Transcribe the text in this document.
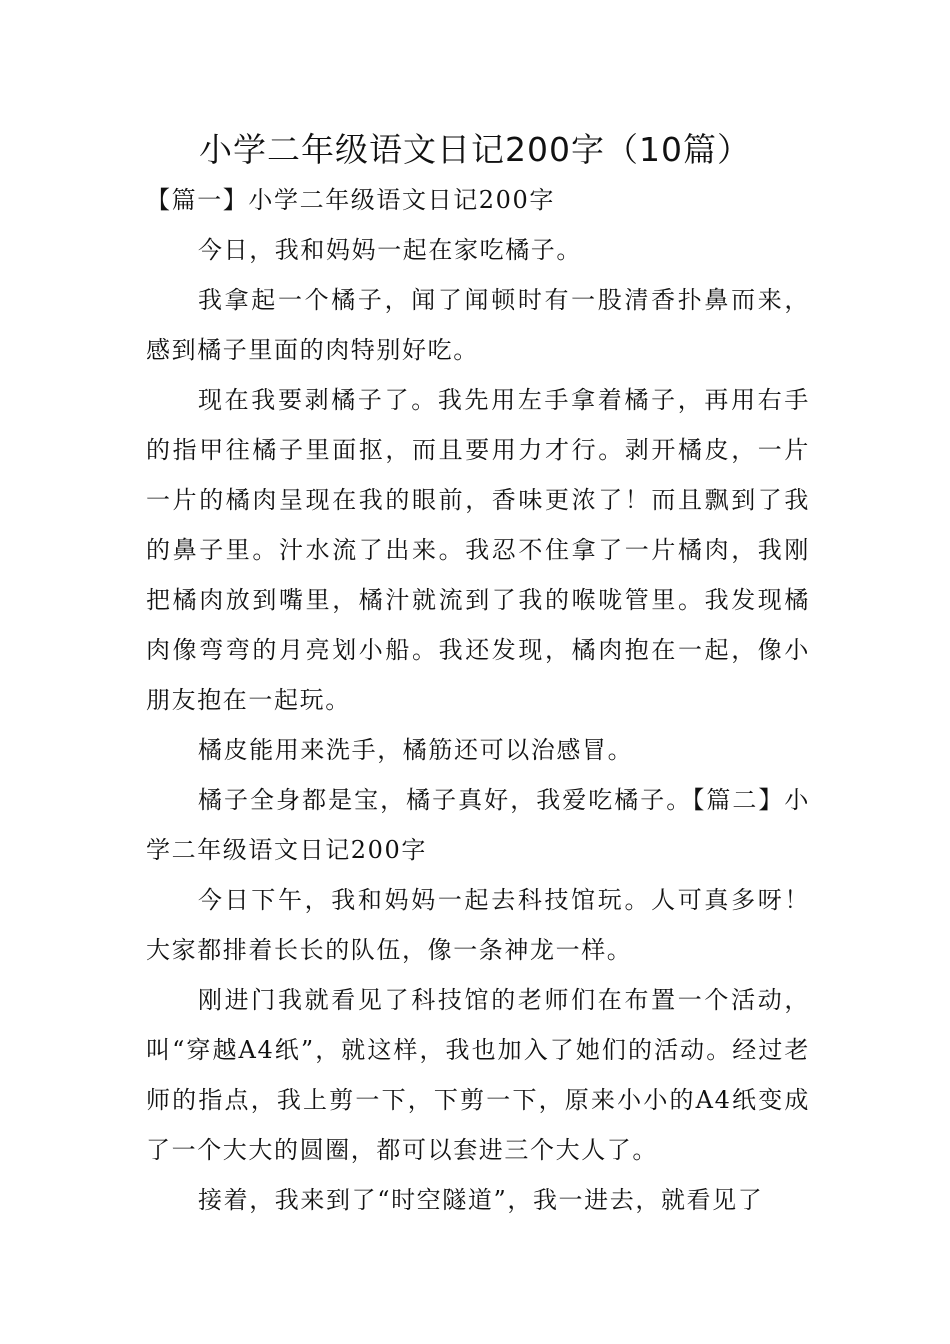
小学二年级语文日记200字（10篇）

【篇一】小学二年级语文日记200字

今日，我和妈妈一起在家吃橘子。

我拿起一个橘子，闻了闻顿时有一股清香扑鼻而来，感到橘子里面的肉特别好吃。

现在我要剥橘子了。我先用左手拿着橘子，再用右手的指甲往橘子里面抠，而且要用力才行。剥开橘皮，一片一片的橘肉呈现在我的眼前，香味更浓了！而且飘到了我的鼻子里。汁水流了出来。我忍不住拿了一片橘肉，我刚把橘肉放到嘴里，橘汁就流到了我的喉咙管里。我发现橘肉像弯弯的月亮划小船。我还发现，橘肉抱在一起，像小朋友抱在一起玩。

橘皮能用来洗手，橘筋还可以治感冒。

橘子全身都是宝，橘子真好，我爱吃橘子。【篇二】小学二年级语文日记200字

今日下午，我和妈妈一起去科技馆玩。人可真多呀！大家都排着长长的队伍，像一条神龙一样。

刚进门我就看见了科技馆的老师们在布置一个活动，叫“穿越A4纸”，就这样，我也加入了她们的活动。经过老师的指点，我上剪一下，下剪一下，原来小小的A4纸变成了一个大大的圆圈，都可以套进三个大人了。

接着，我来到了“时空隧道”，我一进去，就看见了
